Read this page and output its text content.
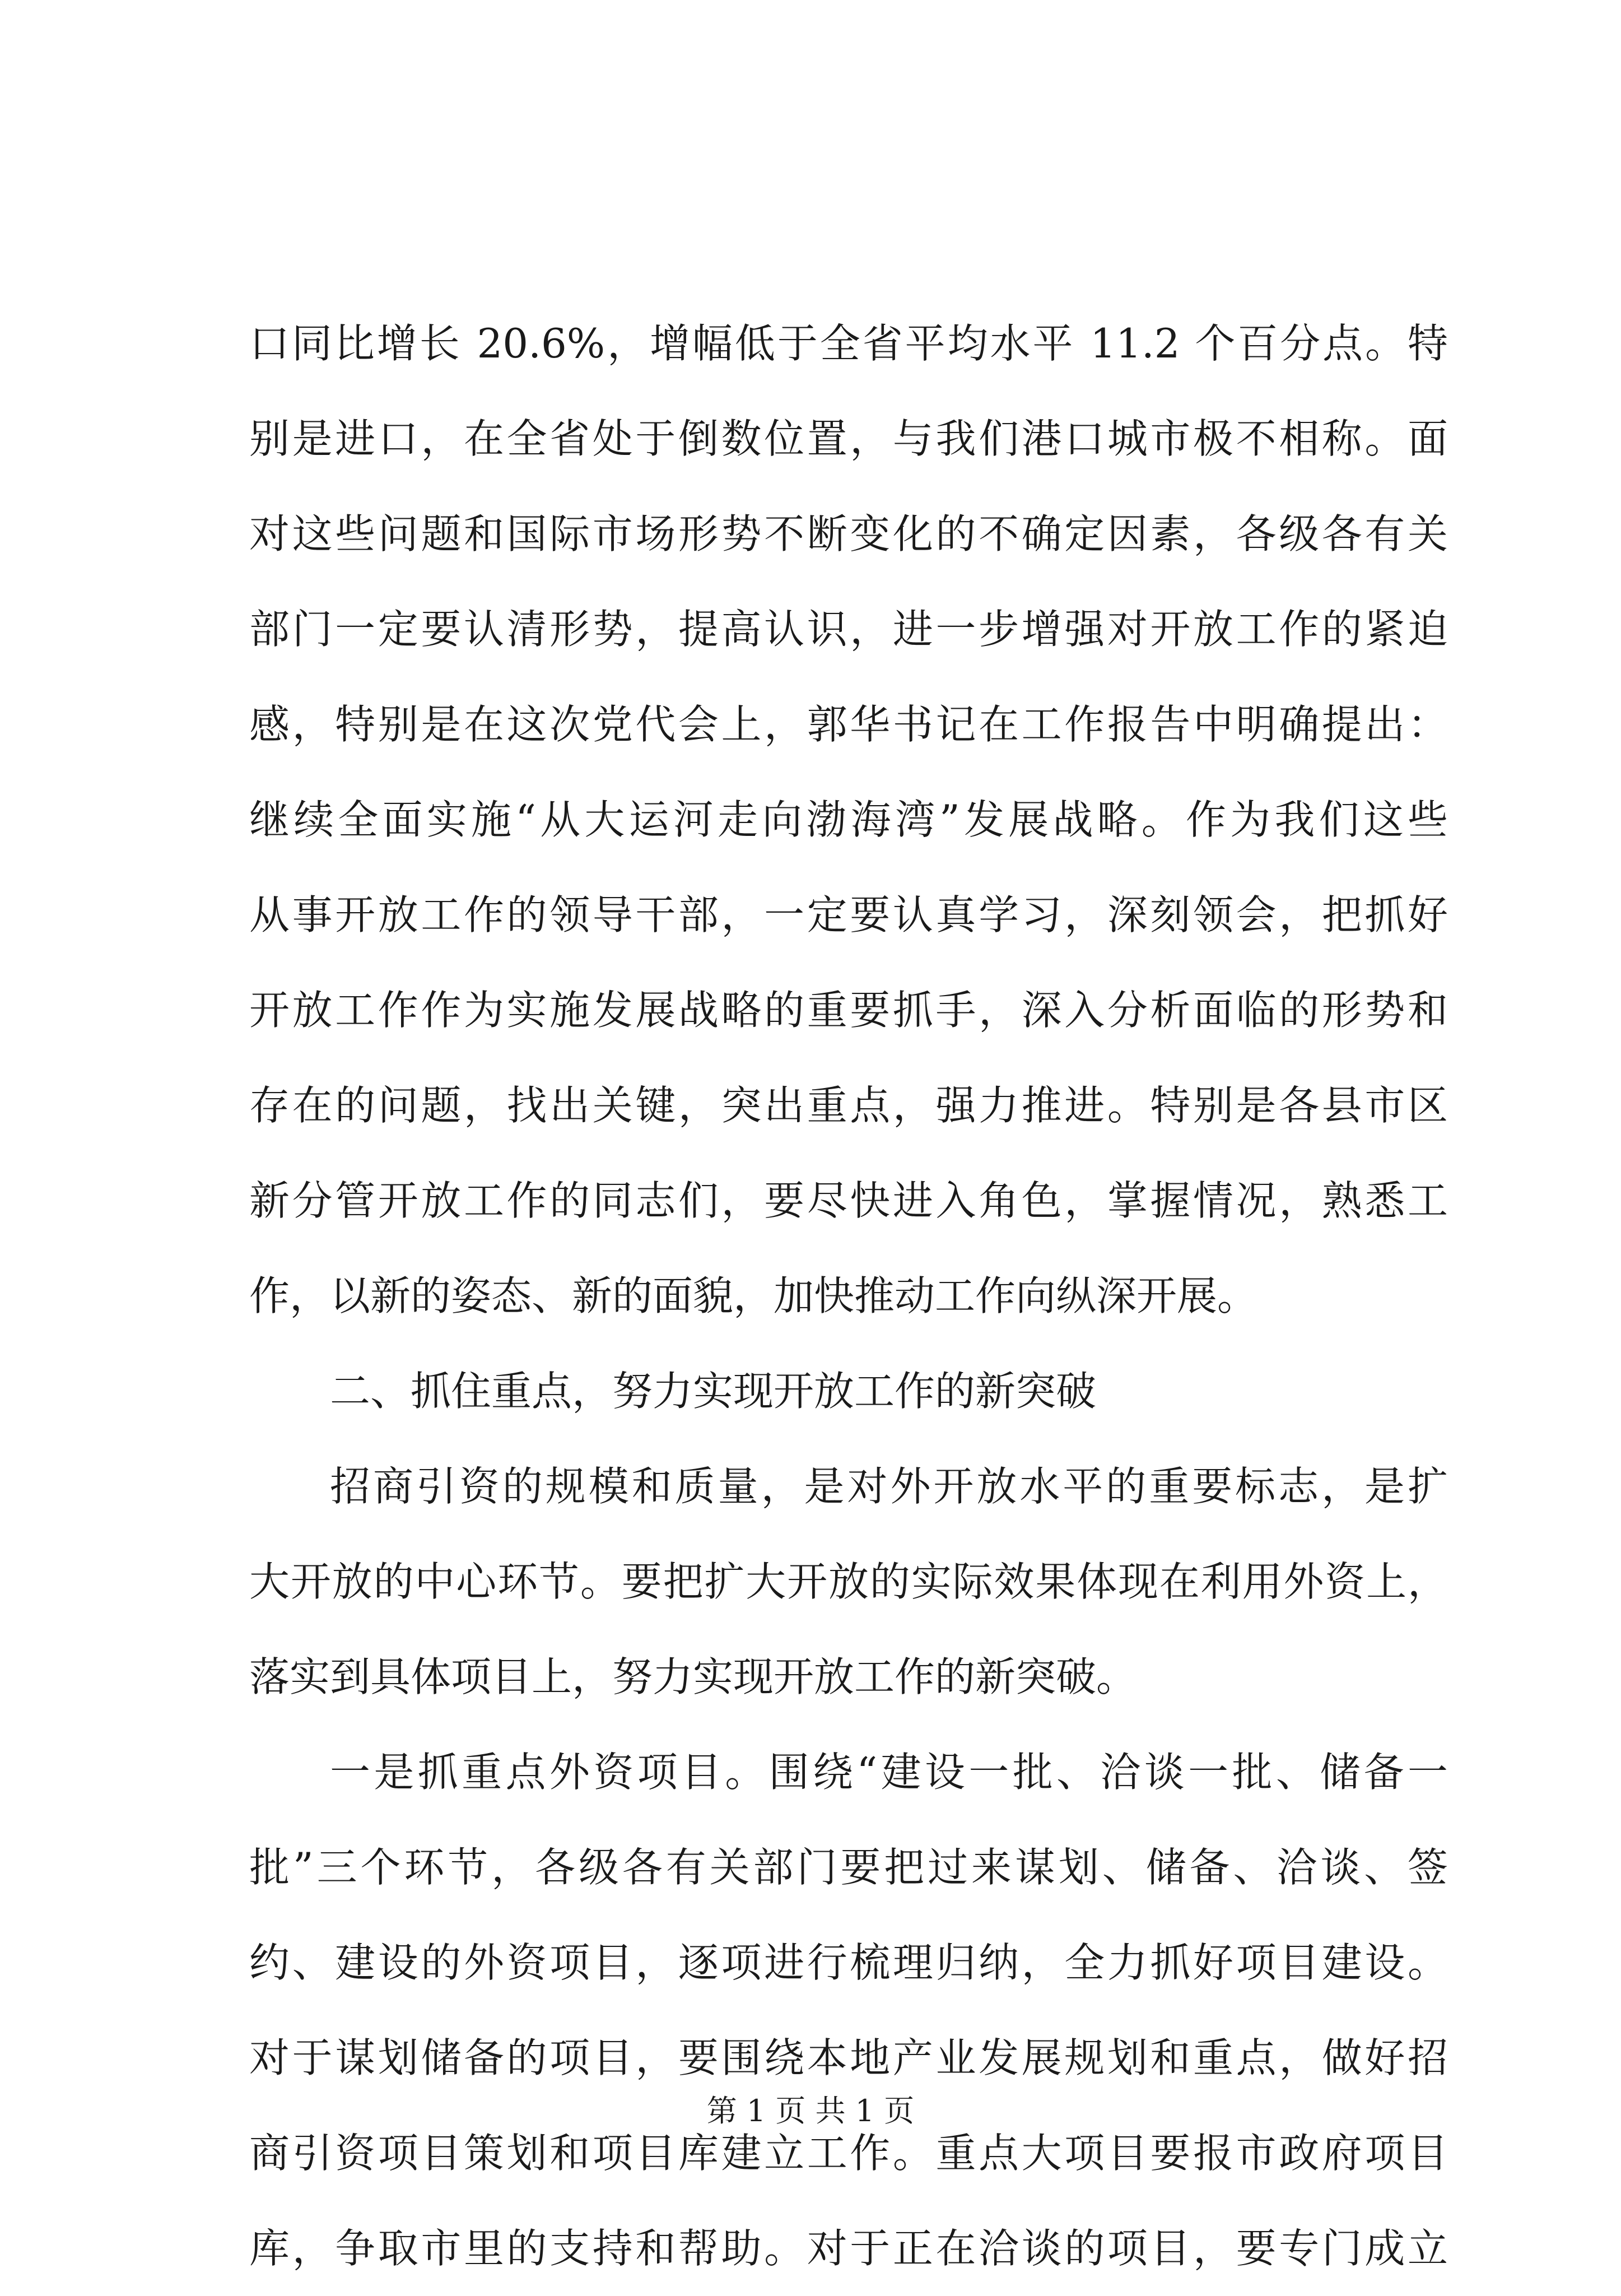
口同比增长 20.6%，增幅低于全省平均水平 11.2 个百分点。特
别是进口，在全省处于倒数位置，与我们港口城市极不相称。面
对这些问题和国际市场形势不断变化的不确定因素，各级各有关
部门一定要认清形势，提高认识，进一步增强对开放工作的紧迫
感，特别是在这次党代会上，郭华书记在工作报告中明确提出：
继续全面实施“从大运河走向渤海湾”发展战略。作为我们这些
从事开放工作的领导干部，一定要认真学习，深刻领会，把抓好
开放工作作为实施发展战略的重要抓手，深入分析面临的形势和
存在的问题，找出关键，突出重点，强力推进。特别是各县市区
新分管开放工作的同志们，要尽快进入角色，掌握情况，熟悉工
作，以新的姿态、新的面貌，加快推动工作向纵深开展。
二、抓住重点，努力实现开放工作的新突破
招商引资的规模和质量，是对外开放水平的重要标志，是扩
大开放的中心环节。要把扩大开放的实际效果体现在利用外资上，
落实到具体项目上，努力实现开放工作的新突破。
一是抓重点外资项目。围绕“建设一批、洽谈一批、储备一
批”三个环节，各级各有关部门要把过来谋划、储备、洽谈、签
约、建设的外资项目，逐项进行梳理归纳，全力抓好项目建设。
对于谋划储备的项目，要围绕本地产业发展规划和重点，做好招
商引资项目策划和项目库建立工作。重点大项目要报市政府项目
库，争取市里的支持和帮助。对于正在洽谈的项目，要专门成立
第 1 页 共 1 页
